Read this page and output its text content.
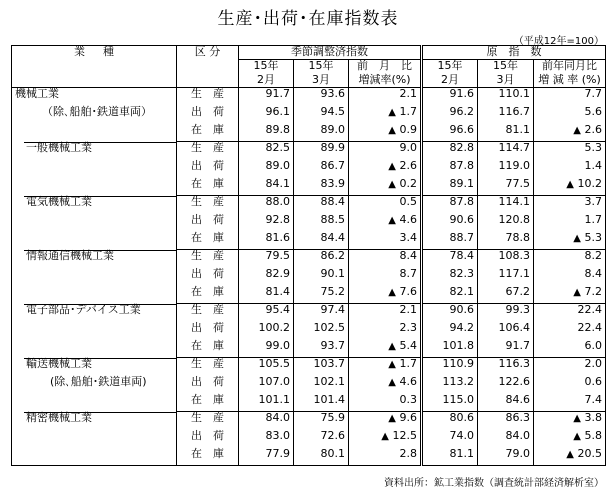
生産･出荷･在庫指数表
（平成12年=100）
業種	区 分	季節調整済指数			原　指　数		
		15年	15年	前　月　比	15年	15年	前年同月比
		2月	3月	増減率(%)	2月	3月	増 減 率 (%)
機械工業	生　産	91.7	93.6	2.1	91.6	110.1	7.7
（除､船舶･鉄道車両）	出　荷	96.1	94.5	▲ 1.7	96.2	116.7	5.6
	在　庫	89.8	89.0	▲ 0.9	96.6	81.1	▲ 2.6
一般機械工業	生　産	82.5	89.9	9.0	82.8	114.7	5.3
	出　荷	89.0	86.7	▲ 2.6	87.8	119.0	1.4
	在　庫	84.1	83.9	▲ 0.2	89.1	77.5	▲ 10.2
電気機械工業	生　産	88.0	88.4	0.5	87.8	114.1	3.7
	出　荷	92.8	88.5	▲ 4.6	90.6	120.8	1.7
	在　庫	81.6	84.4	3.4	88.7	78.8	▲ 5.3
情報通信機械工業	生　産	79.5	86.2	8.4	78.4	108.3	8.2
	出　荷	82.9	90.1	8.7	82.3	117.1	8.4
	在　庫	81.4	75.2	▲ 7.6	82.1	67.2	▲ 7.2
電子部品･デバイス工業	生　産	95.4	97.4	2.1	90.6	99.3	22.4
	出　荷	100.2	102.5	2.3	94.2	106.4	22.4
	在　庫	99.0	93.7	▲ 5.4	101.8	91.7	6.0
輸送機械工業	生　産	105.5	103.7	▲ 1.7	110.9	116.3	2.0
(除､船舶･鉄道車両)	出　荷	107.0	102.1	▲ 4.6	113.2	122.6	0.6
	在　庫	101.1	101.4	0.3	115.0	84.6	7.4
精密機械工業	生　産	84.0	75.9	▲ 9.6	80.6	86.3	▲ 3.8
	出　荷	83.0	72.6	▲ 12.5	74.0	84.0	▲ 5.8
	在　庫	77.9	80.1	2.8	81.1	79.0	▲ 20.5
資料出所：鉱工業指数（調査統計部経済解析室）
